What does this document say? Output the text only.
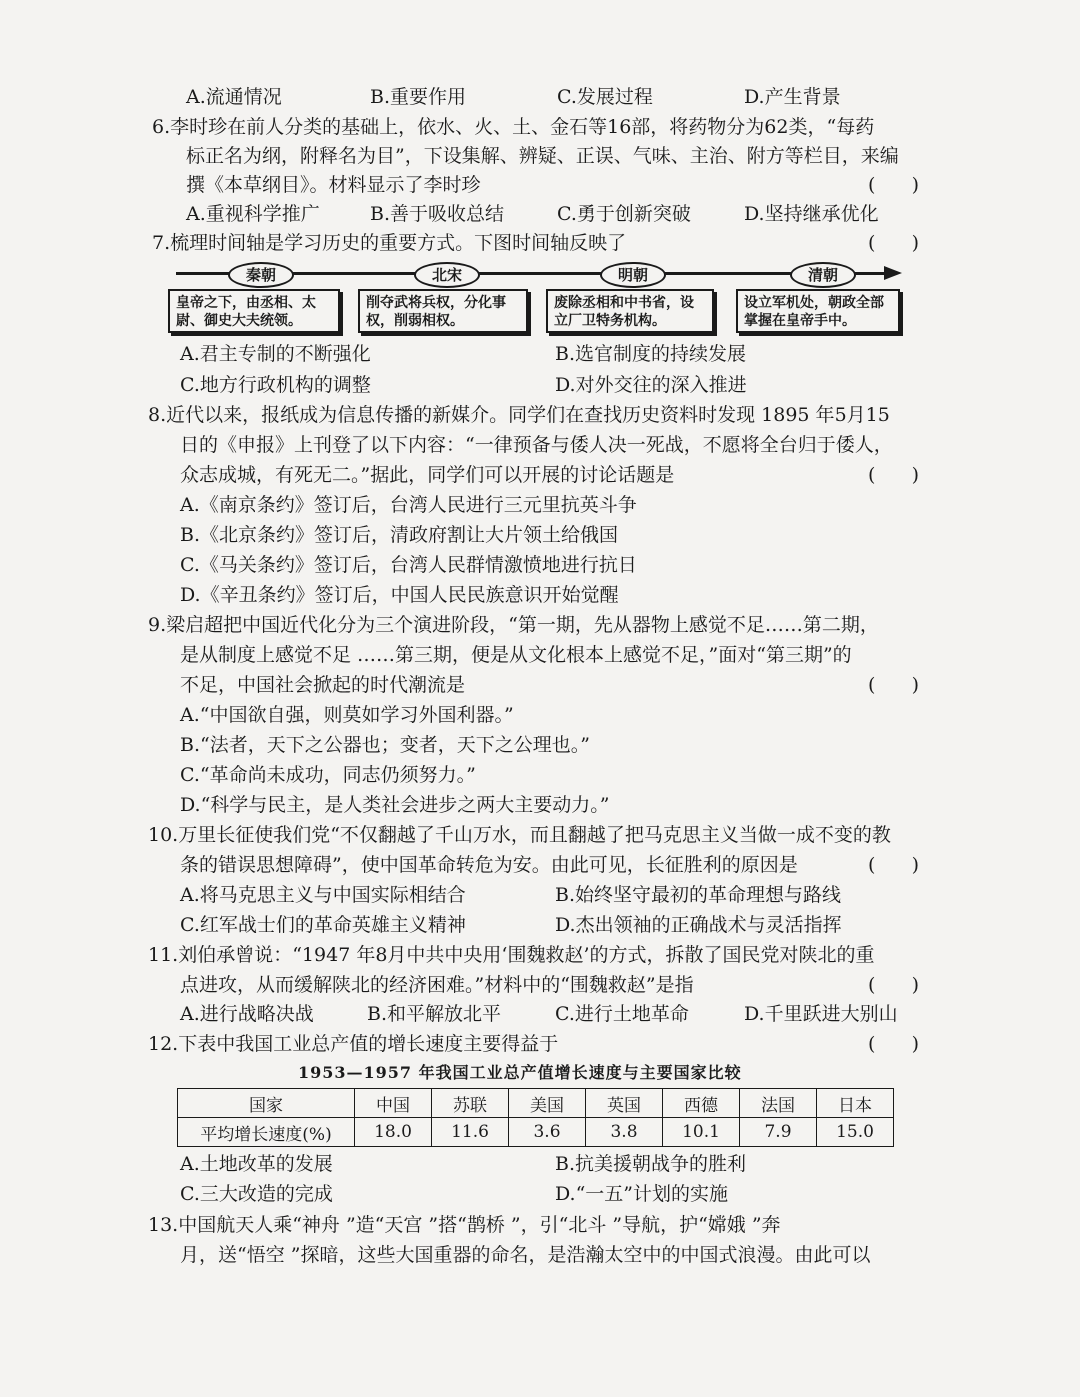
A.流通情况	B.重要作用	C.发展过程	D.产生背景
6.李时珍在前人分类的基础上，依水、火、土、金石等16部，将药物分为62类，“每药
标正名为纲，附释名为目”，下设集解、辨疑、正误、气味、主治、附方等栏目，来编
撰《本草纲目》。材料显示了李时珍	(      )
A.重视科学推广	B.善于吸收总结	C.勇于创新突破	D.坚持继承优化
7.梳理时间轴是学习历史的重要方式。下图时间轴反映了	(      )
秦朝	北宋	明朝	清朝
皇帝之下，由丞相、太尉、御史大夫统领。
削夺武将兵权，分化事权，削弱相权。
废除丞相和中书省，设立厂卫特务机构。
设立军机处，朝政全部掌握在皇帝手中。
A.君主专制的不断强化	B.选官制度的持续发展
C.地方行政机构的调整	D.对外交往的深入推进
8.近代以来，报纸成为信息传播的新媒介。同学们在查找历史资料时发现 1895 年5月15
日的《申报》上刊登了以下内容：“一律预备与倭人决一死战，不愿将全台归于倭人，
众志成城，有死无二。”据此，同学们可以开展的讨论话题是	(      )
A.《南京条约》签订后，台湾人民进行三元里抗英斗争
B.《北京条约》签订后，清政府割让大片领土给俄国
C.《马关条约》签订后，台湾人民群情激愤地进行抗日
D.《辛丑条约》签订后，中国人民民族意识开始觉醒
9.梁启超把中国近代化分为三个演进阶段，“第一期，先从器物上感觉不足……第二期，
是从制度上感觉不足 ……第三期，便是从文化根本上感觉不足，”面对“第三期”的
不足，中国社会掀起的时代潮流是	(      )
A.“中国欲自强，则莫如学习外国利器。”
B.“法者，天下之公器也；变者，天下之公理也。”
C.“革命尚未成功，同志仍须努力。”
D.“科学与民主，是人类社会进步之两大主要动力。”
10.万里长征使我们党“不仅翻越了千山万水，而且翻越了把马克思主义当做一成不变的教
条的错误思想障碍”，使中国革命转危为安。由此可见，长征胜利的原因是	(      )
A.将马克思主义与中国实际相结合	B.始终坚守最初的革命理想与路线
C.红军战士们的革命英雄主义精神	D.杰出领袖的正确战术与灵活指挥
11.刘伯承曾说：“1947 年8月中共中央用‘围魏救赵’的方式，拆散了国民党对陕北的重
点进攻，从而缓解陕北的经济困难。”材料中的“围魏救赵”是指	(      )
A.进行战略决战	B.和平解放北平	C.进行土地革命	D.千里跃进大别山
12.下表中我国工业总产值的增长速度主要得益于	(      )
1953—1957 年我国工业总产值增长速度与主要国家比较
国家	中国	苏联	美国	英国	西德	法国	日本
平均增长速度(%)	18.0	11.6	3.6	3.8	10.1	7.9	15.0
A.土地改革的发展	B.抗美援朝战争的胜利
C.三大改造的完成	D.“一五”计划的实施
13.中国航天人乘“神舟 ”造“天宫 ”搭“鹊桥 ”，引“北斗 ”导航，护“嫦娥 ”奔
月，送“悟空 ”探暗，这些大国重器的命名，是浩瀚太空中的中国式浪漫。由此可以
